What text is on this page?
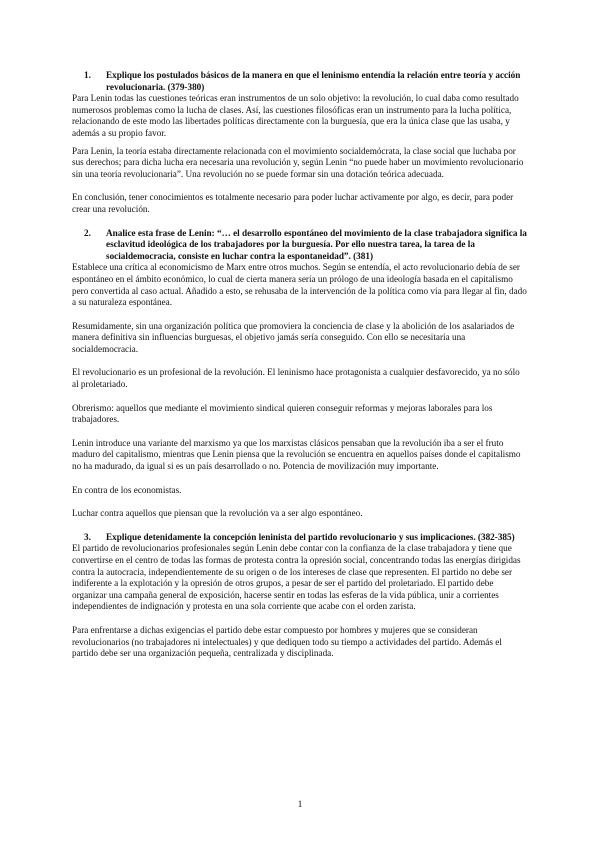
1.	Explique los postulados básicos de la manera en que el leninismo entendía la relación entre teoría y acción revolucionaria. (379-380)

Para Lenin todas las cuestiones teóricas eran instrumentos de un solo objetivo: la revolución, lo cual daba como resultado numerosos problemas como la lucha de clases. Así, las cuestiones filosóficas eran un instrumento para la lucha política, relacionando de este modo las libertades políticas directamente con la burguesía, que era la única clase que las usaba, y además a su propio favor.

Para Lenin, la teoría estaba directamente relacionada con el movimiento socialdemócrata, la clase social que luchaba por sus derechos; para dicha lucha era necesaria una revolución y, según Lenin “no puede haber un movimiento revolucionario sin una teoría revolucionaria”. Una revolución no se puede formar sin una dotación teórica adecuada.

En conclusión, tener conocimientos es totalmente necesario para poder luchar activamente por algo, es decir, para poder crear una revolución.

2.	Analice esta frase de Lenin: “… el desarrollo espontáneo del movimiento de la clase trabajadora significa la esclavitud ideológica de los trabajadores por la burguesía. Por ello nuestra tarea, la tarea de la socialdemocracia, consiste en luchar contra la espontaneidad”. (381)

Establece una crítica al economicismo de Marx entre otros muchos. Según se entendía, el acto revolucionario debía de ser espontáneo en el ámbito económico, lo cual de cierta manera sería un prólogo de una ideología basada en el capitalismo pero convertida al caso actual. Añadido a esto, se rehusaba de la intervención de la política como vía para llegar al fin, dado a su naturaleza espontánea.

Resumidamente, sin una organización política que promoviera la conciencia de clase y la abolición de los asalariados de manera definitiva sin influencias burguesas, el objetivo jamás sería conseguido. Con ello se necesitaría una socialdemocracia.

El revolucionario es un profesional de la revolución. El leninismo hace protagonista a cualquier desfavorecido, ya no sólo al proletariado.

Obrerismo: aquellos que mediante el movimiento sindical quieren conseguir reformas y mejoras laborales para los trabajadores.

Lenin introduce una variante del marxismo ya que los marxistas clásicos pensaban que la revolución iba a ser el fruto maduro del capitalismo, mientras que Lenin piensa que la revolución se encuentra en aquellos países donde el capitalismo no ha madurado, da igual si es un país desarrollado o no. Potencia de movilización muy importante.

En contra de los economistas.

Luchar contra aquellos que piensan que la revolución va a ser algo espontáneo.

3.	Explique detenidamente la concepción leninista del partido revolucionario y sus implicaciones. (382-385)

El partido de revolucionarios profesionales según Lenin debe contar con la confianza de la clase trabajadora y tiene que convertirse en el centro de todas las formas de protesta contra la opresión social, concentrando todas las energías dirigidas contra la autocracia, independientemente de su origen o de los intereses de clase que representen. El partido no debe ser indiferente a la explotación y la opresión de otros grupos, a pesar de ser el partido del proletariado. El partido debe organizar una campaña general de exposición, hacerse sentir en todas las esferas de la vida pública, unir a corrientes independientes de indignación y protesta en una sola corriente que acabe con el orden zarista.

Para enfrentarse a dichas exigencias el partido debe estar compuesto por hombres y mujeres que se consideran revolucionarios (no trabajadores ni intelectuales) y que dediquen todo su tiempo a actividades del partido. Además el partido debe ser una organización pequeña, centralizada y disciplinada.

1
